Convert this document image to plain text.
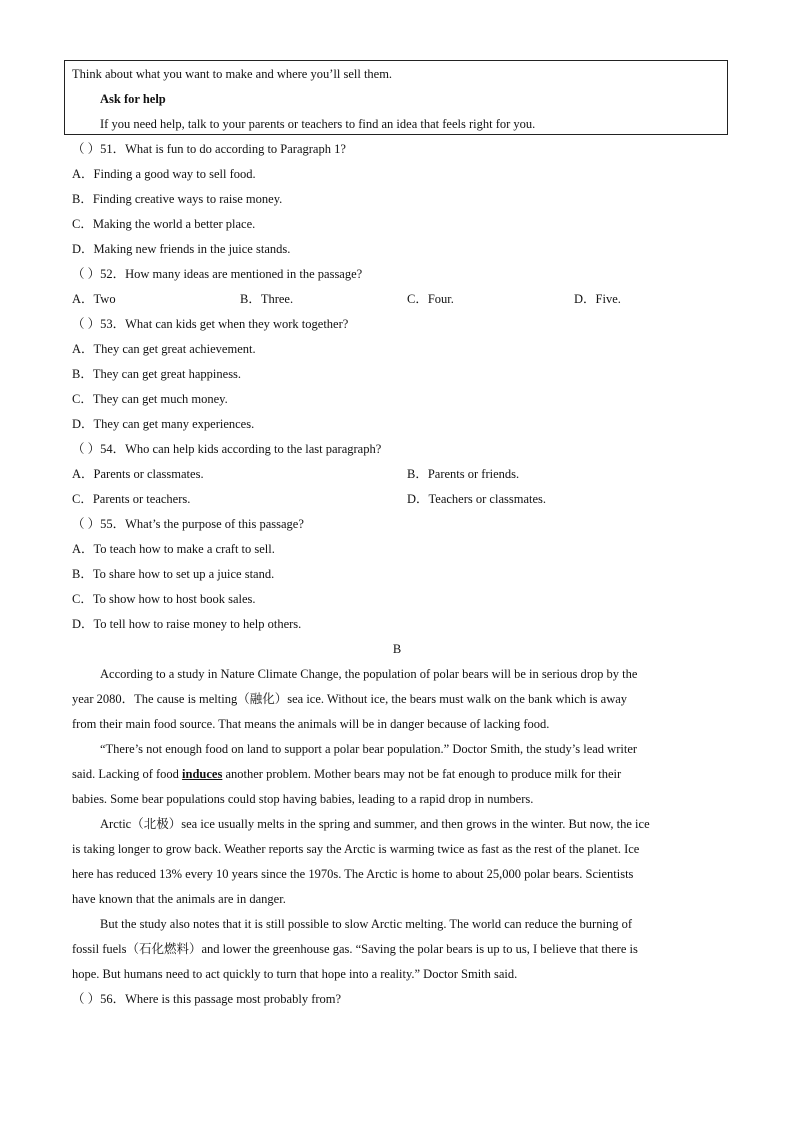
Think about what you want to make and where you’ll sell them.
Ask for help
If you need help, talk to your parents or teachers to find an idea that feels right for you.
（ ）51．What is fun to do according to Paragraph 1?
A．Finding a good way to sell food.
B．Finding creative ways to raise money.
C．Making the world a better place.
D．Making new friends in the juice stands.
（ ）52．How many ideas are mentioned in the passage?
A．Two	B．Three.	C．Four.	D．Five.
（ ）53．What can kids get when they work together?
A．They can get great achievement.
B．They can get great happiness.
C．They can get much money.
D．They can get many experiences.
（ ）54．Who can help kids according to the last paragraph?
A．Parents or classmates.	B．Parents or friends.
C．Parents or teachers.	D．Teachers or classmates.
（ ）55．What’s the purpose of this passage?
A．To teach how to make a craft to sell.
B．To share how to set up a juice stand.
C．To show how to host book sales.
D．To tell how to raise money to help others.
B
According to a study in Nature Climate Change, the population of polar bears will be in serious drop by the
year 2080．The cause is melting（融化）sea ice. Without ice, the bears must walk on the bank which is away
from their main food source. That means the animals will be in danger because of lacking food.
“There’s not enough food on land to support a polar bear population.” Doctor Smith, the study’s lead writer
said. Lacking of food induces another problem. Mother bears may not be fat enough to produce milk for their
babies. Some bear populations could stop having babies, leading to a rapid drop in numbers.
Arctic（北极）sea ice usually melts in the spring and summer, and then grows in the winter. But now, the ice
is taking longer to grow back. Weather reports say the Arctic is warming twice as fast as the rest of the planet. Ice
here has reduced 13% every 10 years since the 1970s. The Arctic is home to about 25,000 polar bears. Scientists
have known that the animals are in danger.
But the study also notes that it is still possible to slow Arctic melting. The world can reduce the burning of
fossil fuels（石化燃料）and lower the greenhouse gas. “Saving the polar bears is up to us, I believe that there is
hope. But humans need to act quickly to turn that hope into a reality.” Doctor Smith said.
（ ）56．Where is this passage most probably from?
